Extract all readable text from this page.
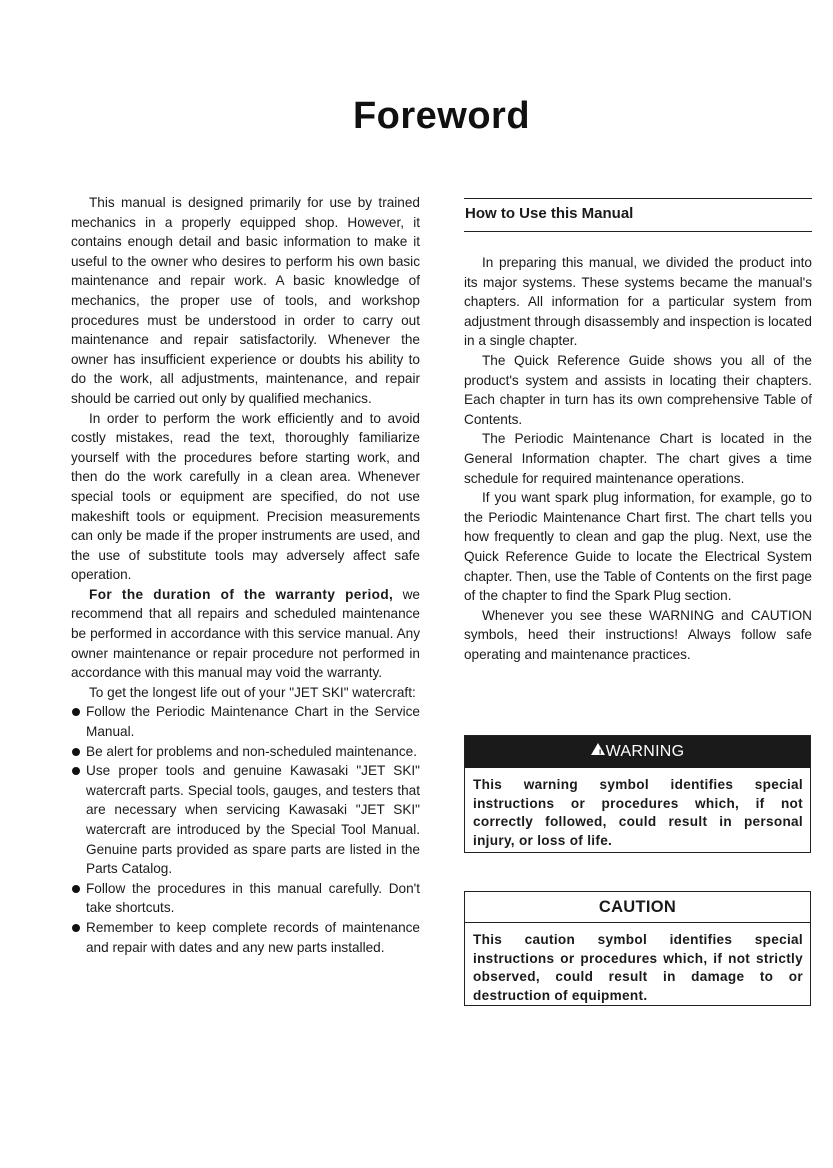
Foreword

This manual is designed primarily for use by trained mechanics in a properly equipped shop. However, it contains enough detail and basic information to make it useful to the owner who desires to perform his own basic maintenance and repair work. A basic knowledge of mechanics, the proper use of tools, and workshop procedures must be understood in order to carry out maintenance and repair satisfactorily. Whenever the owner has insufficient experience or doubts his ability to do the work, all adjustments, maintenance, and repair should be carried out only by qualified mechanics.

In order to perform the work efficiently and to avoid costly mistakes, read the text, thoroughly familiarize yourself with the procedures before starting work, and then do the work carefully in a clean area. Whenever special tools or equipment are specified, do not use makeshift tools or equipment. Precision measurements can only be made if the proper instruments are used, and the use of substitute tools may adversely affect safe operation.

For the duration of the warranty period, we recommend that all repairs and scheduled maintenance be performed in accordance with this service manual. Any owner maintenance or repair procedure not performed in accordance with this manual may void the warranty.

To get the longest life out of your "JET SKI" watercraft:

Follow the Periodic Maintenance Chart in the Service Manual.
Be alert for problems and non-scheduled maintenance.
Use proper tools and genuine Kawasaki "JET SKI" watercraft parts. Special tools, gauges, and testers that are necessary when servicing Kawasaki "JET SKI" watercraft are introduced by the Special Tool Manual. Genuine parts provided as spare parts are listed in the Parts Catalog.
Follow the procedures in this manual carefully. Don't take shortcuts.
Remember to keep complete records of maintenance and repair with dates and any new parts installed.
How to Use this Manual

In preparing this manual, we divided the product into its major systems. These systems became the manual's chapters. All information for a particular system from adjustment through disassembly and inspection is located in a single chapter.

The Quick Reference Guide shows you all of the product's system and assists in locating their chapters. Each chapter in turn has its own comprehensive Table of Contents.

The Periodic Maintenance Chart is located in the General Information chapter. The chart gives a time schedule for required maintenance operations.

If you want spark plug information, for example, go to the Periodic Maintenance Chart first. The chart tells you how frequently to clean and gap the plug. Next, use the Quick Reference Guide to locate the Electrical System chapter. Then, use the Table of Contents on the first page of the chapter to find the Spark Plug section.

Whenever you see these WARNING and CAUTION symbols, heed their instructions! Always follow safe operating and maintenance practices.

! WARNING
This warning symbol identifies special instructions or procedures which, if not correctly followed, could result in personal injury, or loss of life.
CAUTION
This caution symbol identifies special instructions or procedures which, if not strictly observed, could result in damage to or destruction of equipment.
